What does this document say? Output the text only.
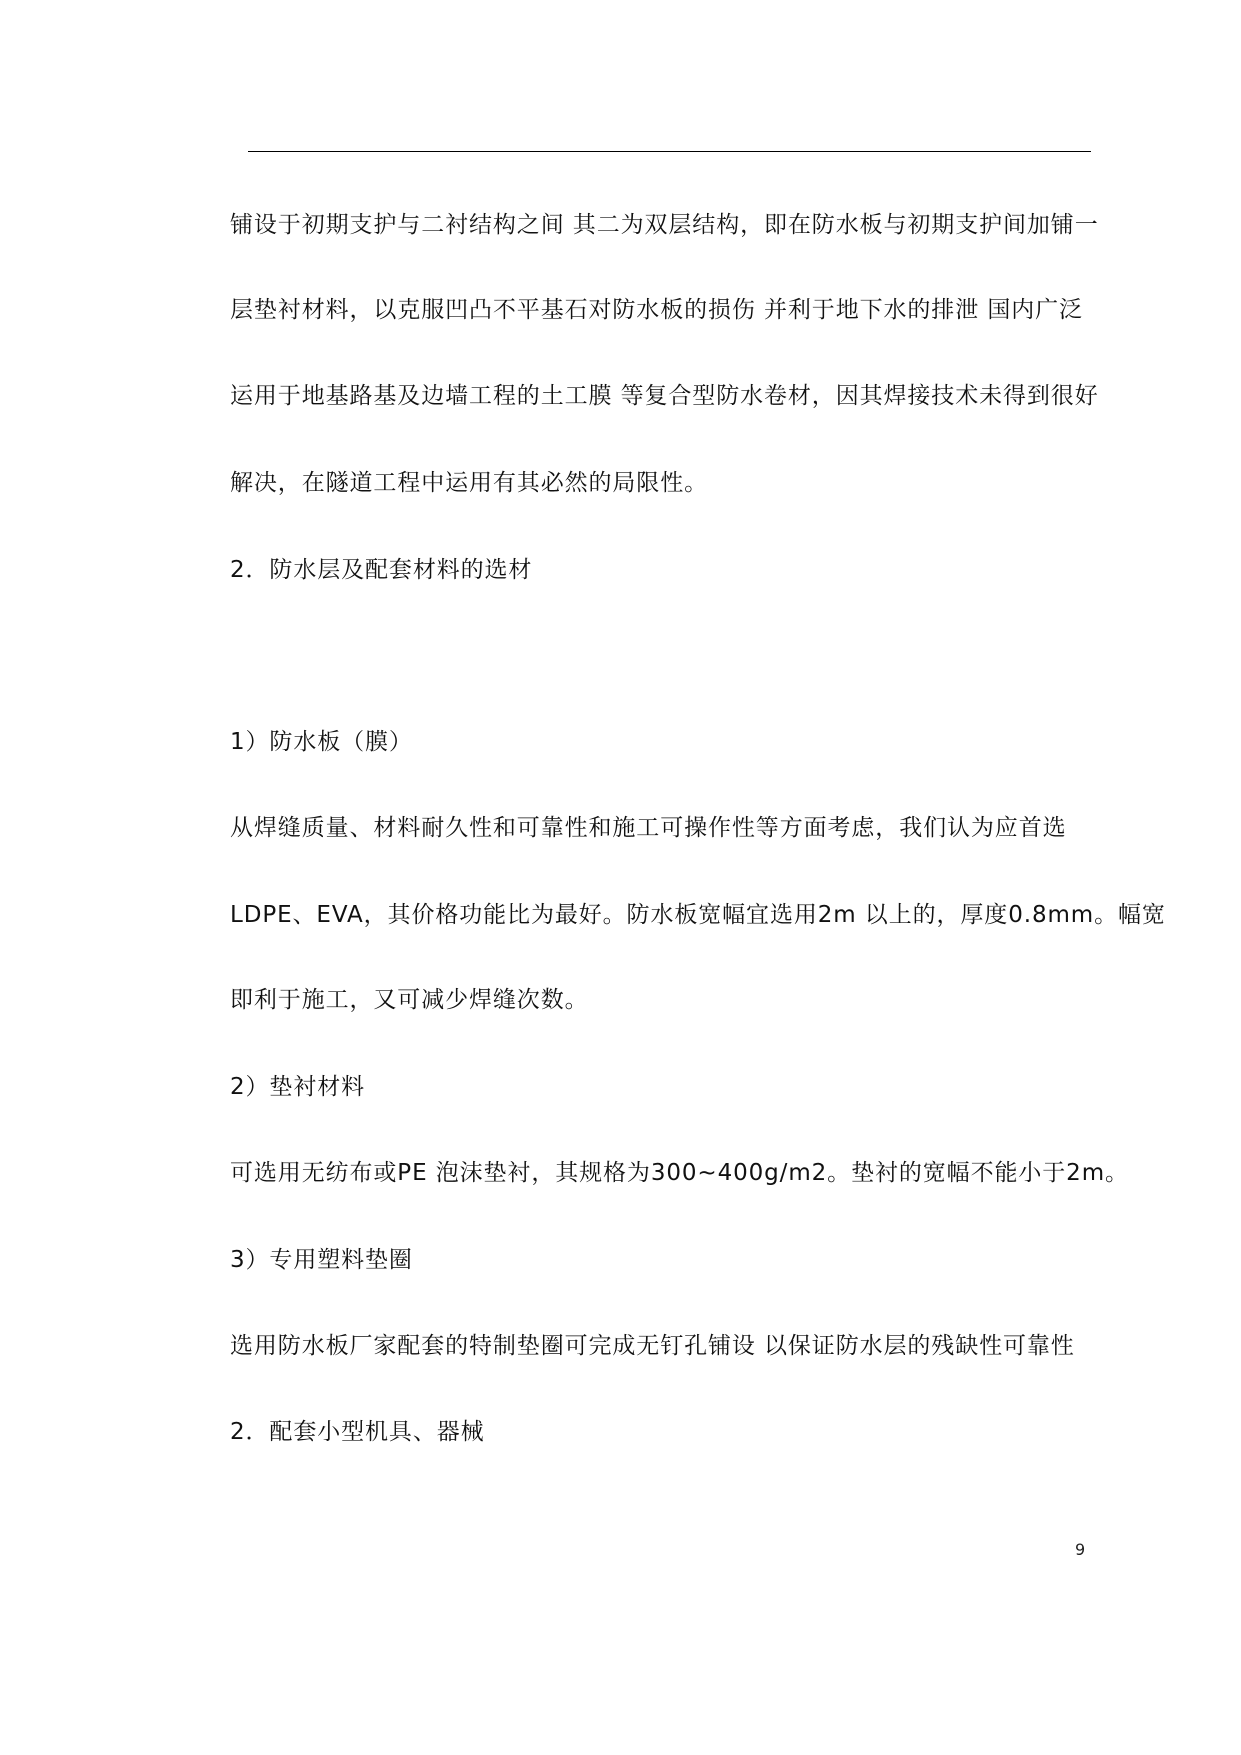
铺设于初期支护与二衬结构之间 其二为双层结构，即在防水板与初期支护间加铺一
层垫衬材料，以克服凹凸不平基石对防水板的损伤 并利于地下水的排泄 国内广泛
运用于地基路基及边墙工程的土工膜 等复合型防水卷材，因其焊接技术未得到很好
解决，在隧道工程中运用有其必然的局限性。
2．防水层及配套材料的选材
1）防水板（膜）
从焊缝质量、材料耐久性和可靠性和施工可操作性等方面考虑，我们认为应首选
LDPE、EVA，其价格功能比为最好。防水板宽幅宜选用2m 以上的，厚度0.8mm。幅宽
即利于施工，又可减少焊缝次数。
2）垫衬材料
可选用无纺布或PE 泡沫垫衬，其规格为300~400g/m2。垫衬的宽幅不能小于2m。
3）专用塑料垫圈
选用防水板厂家配套的特制垫圈可完成无钉孔铺设 以保证防水层的残缺性可靠性
2．配套小型机具、器械
9
